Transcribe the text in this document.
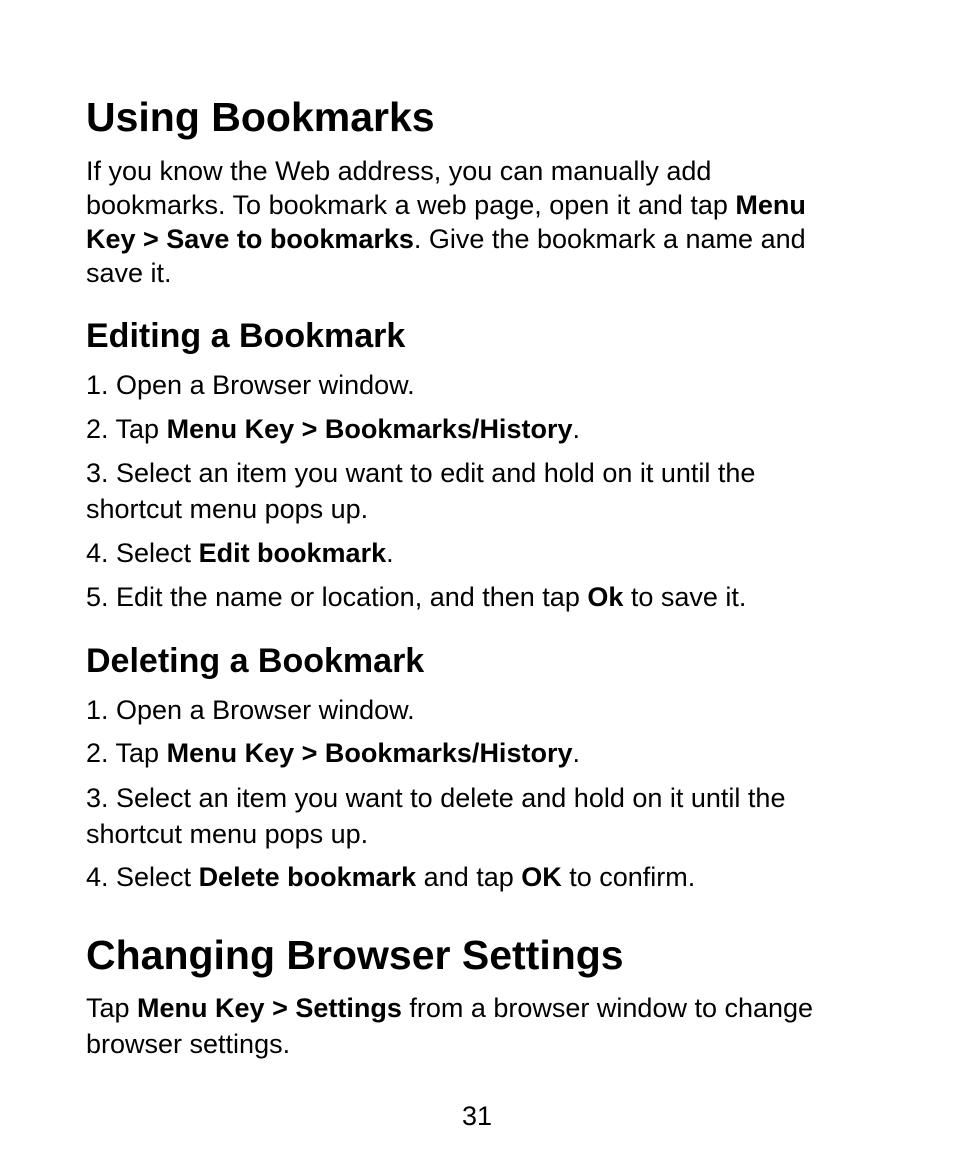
Using Bookmarks
If you know the Web address, you can manually add
bookmarks. To bookmark a web page, open it and tap Menu
Key > Save to bookmarks. Give the bookmark a name and
save it.
Editing a Bookmark

1. Open a Browser window.

2. Tap Menu Key > Bookmarks/History.

3. Select an item you want to edit and hold on it until the

shortcut menu pops up.

4. Select Edit bookmark.

5. Edit the name or location, and then tap Ok to save it.

Deleting a Bookmark

1. Open a Browser window.

2. Tap Menu Key > Bookmarks/History.

3. Select an item you want to delete and hold on it until the

shortcut menu pops up.

4. Select Delete bookmark and tap OK to confirm.

Changing Browser Settings
Tap Menu Key > Settings from a browser window to change
browser settings.
31
